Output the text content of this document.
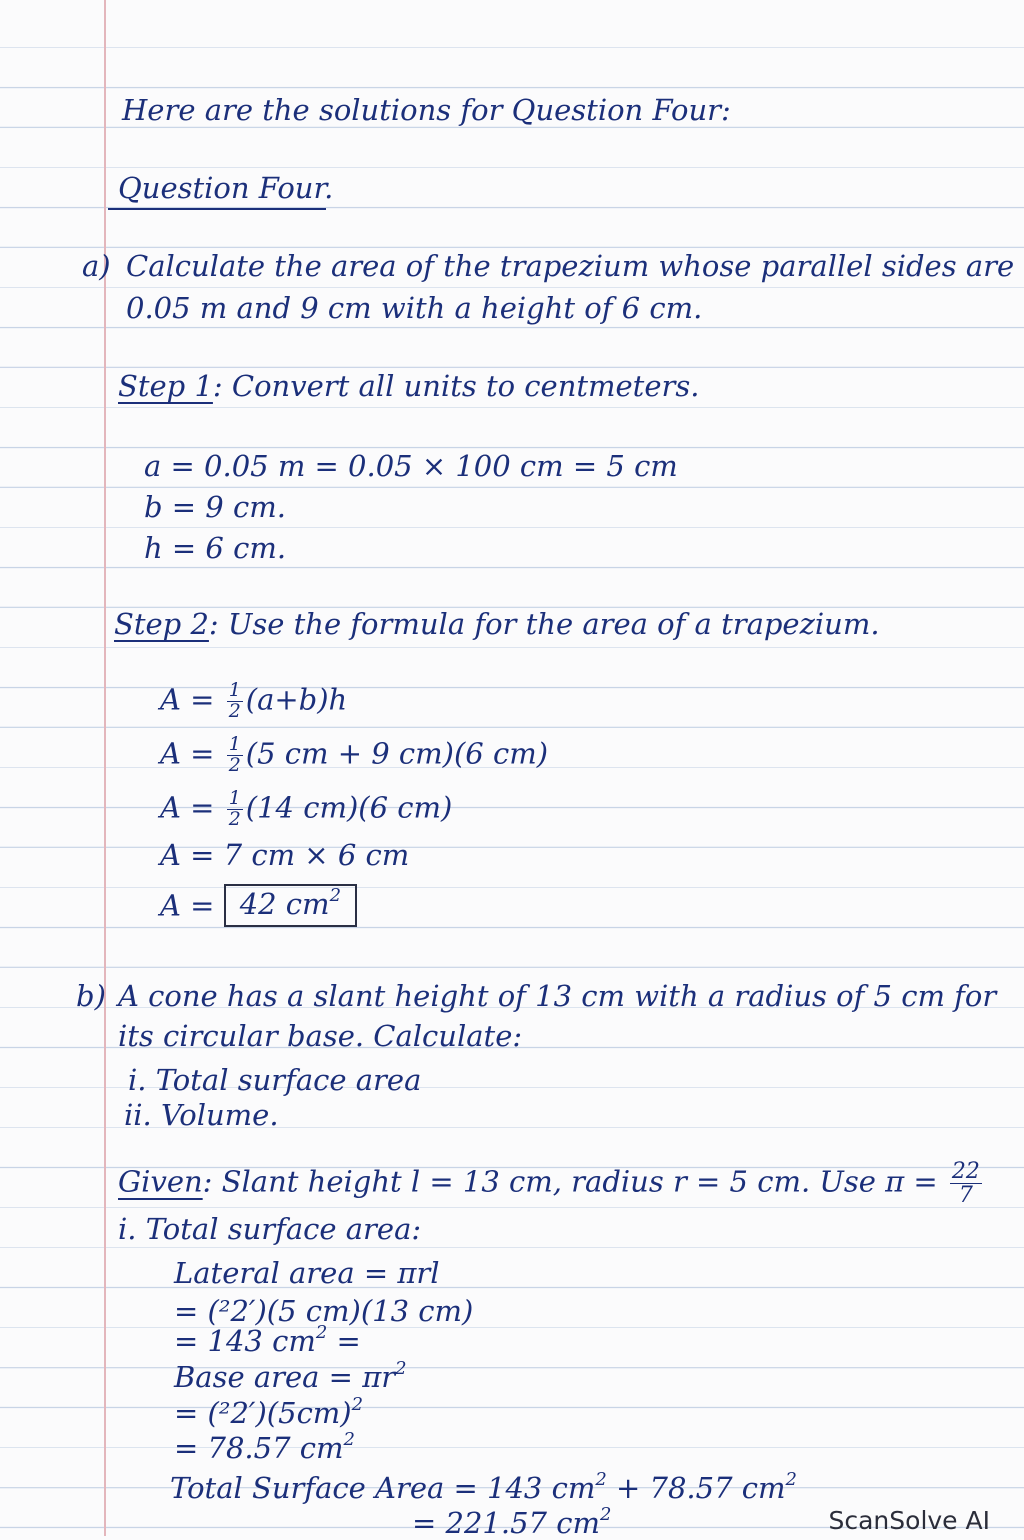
Here are the solutions for Question Four:
Question Four.
a) Calculate the area of the trapezium whose parallel sides are
0.05 m and 9 cm with a height of 6 cm.
Step 1: Convert all units to centmeters.
a = 0.05 m = 0.05 × 100 cm = 5 cm
b = 9 cm.
h = 6 cm.
Step 2: Use the formula for the area of a trapezium.
$A = \frac{1}{2} (a+b)h$
$A = \frac{1}{2} (5$ cm + 9 cm)(6 cm)
$A = \frac{1}{2} (14$ cm)(6 cm)
A = 7 cm × 6 cm
A = 42 $cm^2$
b) A cone has a slant height of 13 cm with a radius of 5 cm for
its circular base. Calculate:
i. Total surface area
ii. Volume.
Given: Slant height l = 13 cm, radius r = 5 cm. Use $\pi = \frac{22}{7}$
i. Total surface area:
Lateral area = πrl
= (²2′)(5 cm)(13 cm)
= 143 $cm^2$ =
Base area = $\pi r^2$
= $(^22')(5cm)^2$
= 78.57 $cm^2$
Total Surface Area = 143 $cm^2 + 78.57$ $cm^2$
= 221.57 $cm^2$	ScanSolve AI
